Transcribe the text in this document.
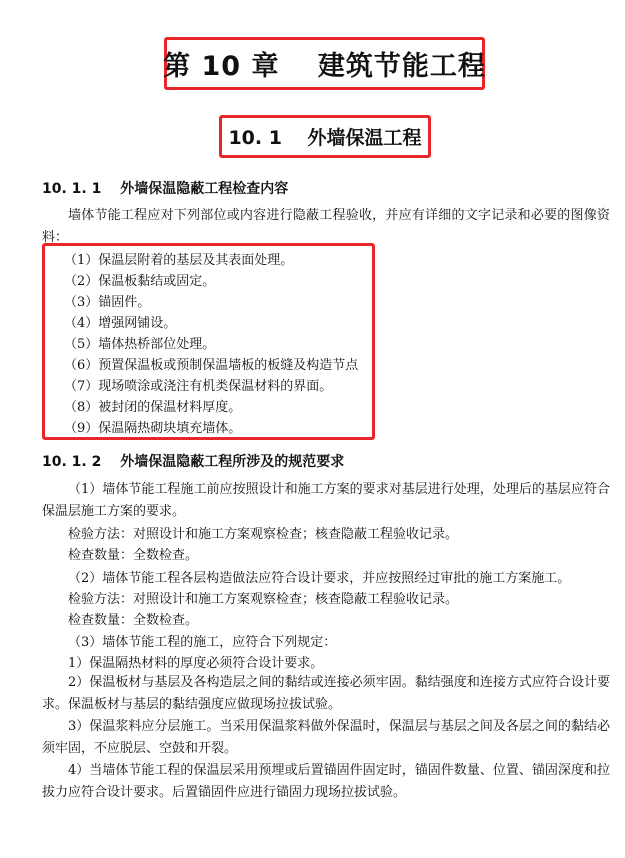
第 10 章　 建筑节能工程
10. 1　 外墙保温工程
10. 1. 1　 外墙保温隐蔽工程检查内容
墙体节能工程应对下列部位或内容进行隐蔽工程验收，并应有详细的文字记录和必要的图像资料：
（1）保温层附着的基层及其表面处理。
（2）保温板黏结或固定。
（3）锚固件。
（4）增强网铺设。
（5）墙体热桥部位处理。
（6）预置保温板或预制保温墙板的板缝及构造节点
（7）现场喷涂或浇注有机类保温材料的界面。
（8）被封闭的保温材料厚度。
（9）保温隔热砌块填充墙体。
10. 1. 2　 外墙保温隐蔽工程所涉及的规范要求
（1）墙体节能工程施工前应按照设计和施工方案的要求对基层进行处理，处理后的基层应符合保温层施工方案的要求。
检验方法：对照设计和施工方案观察检查；核查隐蔽工程验收记录。
检查数量：全数检查。
（2）墙体节能工程各层构造做法应符合设计要求，并应按照经过审批的施工方案施工。
检验方法：对照设计和施工方案观察检查；核查隐蔽工程验收记录。
检查数量：全数检查。
（3）墙体节能工程的施工，应符合下列规定：
1）保温隔热材料的厚度必须符合设计要求。
2）保温板材与基层及各构造层之间的黏结或连接必须牢固。黏结强度和连接方式应符合设计要求。保温板材与基层的黏结强度应做现场拉拔试验。
3）保温浆料应分层施工。当采用保温浆料做外保温时，保温层与基层之间及各层之间的黏结必须牢固，不应脱层、空鼓和开裂。
4）当墙体节能工程的保温层采用预埋或后置锚固件固定时，锚固件数量、位置、锚固深度和拉拔力应符合设计要求。后置锚固件应进行锚固力现场拉拔试验。
